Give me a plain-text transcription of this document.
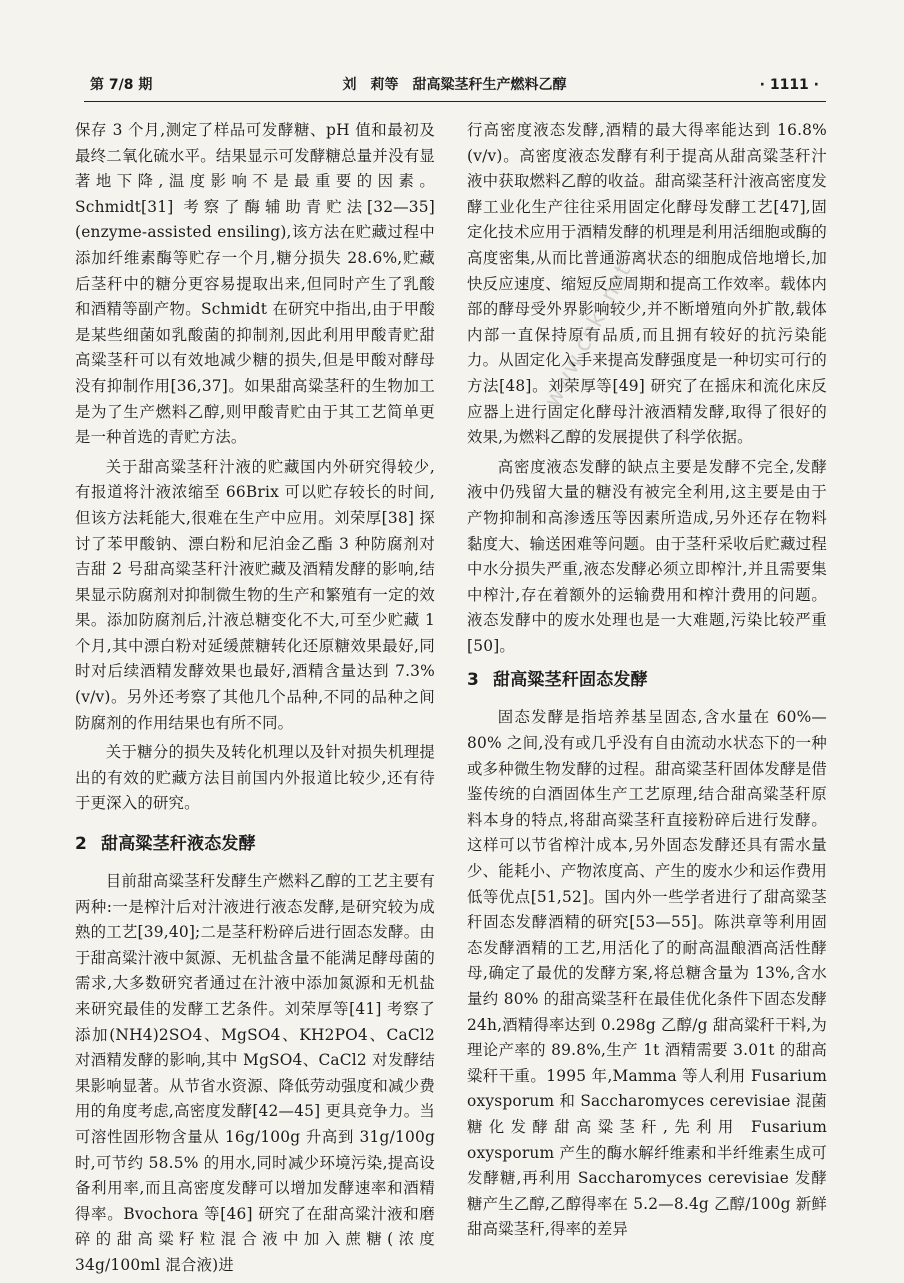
第 7/8 期	刘　莉等　甜高粱茎秆生产燃料乙醇	· 1111 ·

保存 3 个月,测定了样品可发酵糖、pH 值和最初及最终二氧化硫水平。结果显示可发酵糖总量并没有显著地下降,温度影响不是最重要的因素。Schmidt[31] 考察了酶辅助青贮法[32—35](enzyme-assisted ensiling),该方法在贮藏过程中添加纤维素酶等贮存一个月,糖分损失 28.6%,贮藏后茎秆中的糖分更容易提取出来,但同时产生了乳酸和酒精等副产物。Schmidt 在研究中指出,由于甲酸是某些细菌如乳酸菌的抑制剂,因此利用甲酸青贮甜高粱茎秆可以有效地减少糖的损失,但是甲酸对酵母没有抑制作用[36,37]。如果甜高粱茎秆的生物加工是为了生产燃料乙醇,则甲酸青贮由于其工艺简单更是一种首选的青贮方法。

关于甜高粱茎秆汁液的贮藏国内外研究得较少,有报道将汁液浓缩至 66Brix 可以贮存较长的时间,但该方法耗能大,很难在生产中应用。刘荣厚[38] 探讨了苯甲酸钠、漂白粉和尼泊金乙酯 3 种防腐剂对吉甜 2 号甜高粱茎秆汁液贮藏及酒精发酵的影响,结果显示防腐剂对抑制微生物的生产和繁殖有一定的效果。添加防腐剂后,汁液总糖变化不大,可至少贮藏 1 个月,其中漂白粉对延缓蔗糖转化还原糖效果最好,同时对后续酒精发酵效果也最好,酒精含量达到 7.3%(v/v)。另外还考察了其他几个品种,不同的品种之间防腐剂的作用结果也有所不同。

关于糖分的损失及转化机理以及针对损失机理提出的有效的贮藏方法目前国内外报道比较少,还有待于更深入的研究。

2 甜高粱茎秆液态发酵

目前甜高粱茎秆发酵生产燃料乙醇的工艺主要有两种:一是榨汁后对汁液进行液态发酵,是研究较为成熟的工艺[39,40];二是茎秆粉碎后进行固态发酵。由于甜高粱汁液中氮源、无机盐含量不能满足酵母菌的需求,大多数研究者通过在汁液中添加氮源和无机盐来研究最佳的发酵工艺条件。刘荣厚等[41] 考察了添加(NH4)2SO4、MgSO4、KH2PO4、CaCl2 对酒精发酵的影响,其中 MgSO4、CaCl2 对发酵结果影响显著。从节省水资源、降低劳动强度和减少费用的角度考虑,高密度发酵[42—45] 更具竞争力。当可溶性固形物含量从 16g/100g 升高到 31g/100g 时,可节约 58.5% 的用水,同时减少环境污染,提高设备利用率,而且高密度发酵可以增加发酵速率和酒精得率。Bvochora 等[46] 研究了在甜高粱汁液和磨碎的甜高粱籽粒混合液中加入蔗糖(浓度 34g/100ml 混合液)进

行高密度液态发酵,酒精的最大得率能达到 16.8%(v/v)。高密度液态发酵有利于提高从甜高粱茎秆汁液中获取燃料乙醇的收益。甜高粱茎秆汁液高密度发酵工业化生产往往采用固定化酵母发酵工艺[47],固定化技术应用于酒精发酵的机理是利用活细胞或酶的高度密集,从而比普通游离状态的细胞成倍地增长,加快反应速度、缩短反应周期和提高工作效率。载体内部的酵母受外界影响较少,并不断增殖向外扩散,载体内部一直保持原有品质,而且拥有较好的抗污染能力。从固定化入手来提高发酵强度是一种切实可行的方法[48]。刘荣厚等[49] 研究了在摇床和流化床反应器上进行固定化酵母汁液酒精发酵,取得了很好的效果,为燃料乙醇的发展提供了科学依据。

高密度液态发酵的缺点主要是发酵不完全,发酵液中仍残留大量的糖没有被完全利用,这主要是由于产物抑制和高渗透压等因素所造成,另外还存在物料黏度大、输送困难等问题。由于茎秆采收后贮藏过程中水分损失严重,液态发酵必须立即榨汁,并且需要集中榨汁,存在着额外的运输费用和榨汁费用的问题。液态发酵中的废水处理也是一大难题,污染比较严重[50]。

3 甜高粱茎秆固态发酵

固态发酵是指培养基呈固态,含水量在 60%—80% 之间,没有或几乎没有自由流动水状态下的一种或多种微生物发酵的过程。甜高粱茎秆固体发酵是借鉴传统的白酒固体生产工艺原理,结合甜高粱茎秆原料本身的特点,将甜高粱茎秆直接粉碎后进行发酵。这样可以节省榨汁成本,另外固态发酵还具有需水量少、能耗小、产物浓度高、产生的废水少和运作费用低等优点[51,52]。国内外一些学者进行了甜高粱茎秆固态发酵酒精的研究[53—55]。陈洪章等利用固态发酵酒精的工艺,用活化了的耐高温酿酒高活性酵母,确定了最优的发酵方案,将总糖含量为 13%,含水量约 80% 的甜高粱茎秆在最佳优化条件下固态发酵 24h,酒精得率达到 0.298g 乙醇/g 甜高粱秆干料,为理论产率的 89.8%,生产 1t 酒精需要 3.01t 的甜高粱秆干重。1995 年,Mamma 等人利用 Fusarium oxysporum 和 Saccharomyces cerevisiae 混菌糖化发酵甜高粱茎秆,先利用 Fusarium oxysporum 产生的酶水解纤维素和半纤维素生成可发酵糖,再利用 Saccharomyces cerevisiae 发酵糖产生乙醇,乙醇得率在 5.2—8.4g 乙醇/100g 新鲜甜高粱茎秆,得率的差异

www.cnki.net
